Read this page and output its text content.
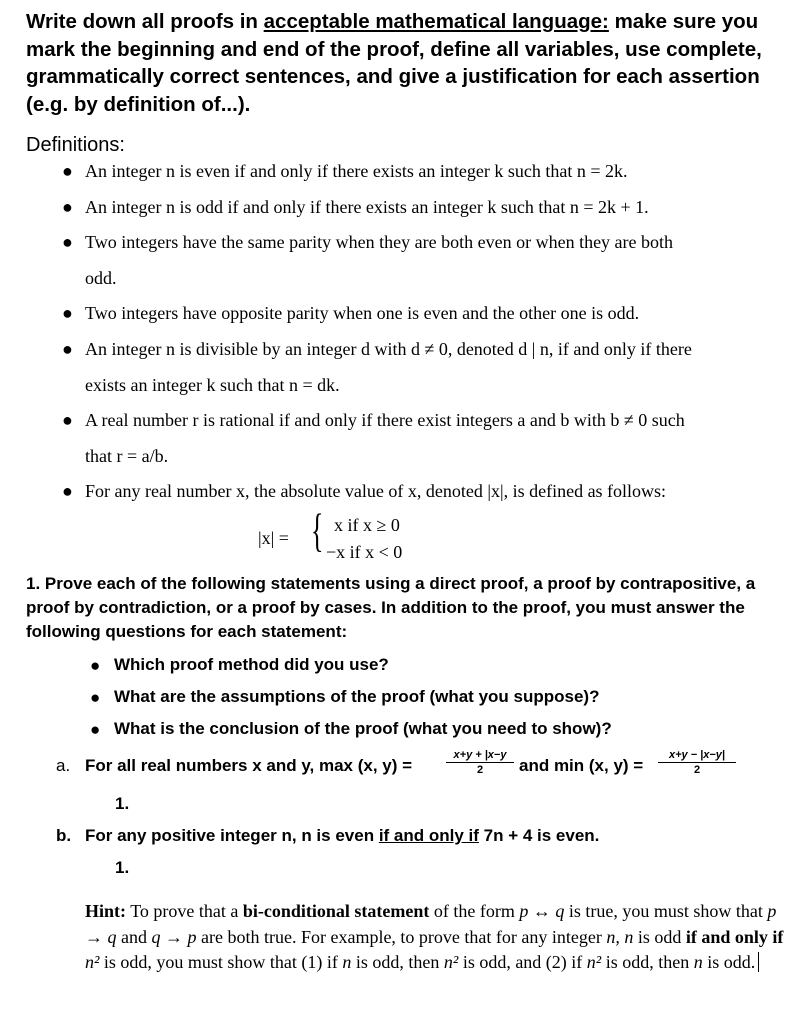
Write down all proofs in acceptable mathematical language: make sure you mark the beginning and end of the proof, define all variables, use complete, grammatically correct sentences, and give a justification for each assertion (e.g. by definition of...).
Definitions:
● An integer n is even if and only if there exists an integer k such that n = 2k.
● An integer n is odd if and only if there exists an integer k such that n = 2k + 1.
● Two integers have the same parity when they are both even or when they are both
odd.
● Two integers have opposite parity when one is even and the other one is odd.
● An integer n is divisible by an integer d with d ≠ 0, denoted d | n, if and only if there
exists an integer k such that n = dk.
● A real number r is rational if and only if there exist integers a and b with b ≠ 0 such
that r = a/b.
● For any real number x, the absolute value of x, denoted |x|, is defined as follows:
|x| = { x if x ≥ 0
−x if x < 0
1. Prove each of the following statements using a direct proof, a proof by contrapositive, a proof by contradiction, or a proof by cases. In addition to the proof, you must answer the following questions for each statement:
● Which proof method did you use?
● What are the assumptions of the proof (what you suppose)?
● What is the conclusion of the proof (what you need to show)?
a. For all real numbers x and y, max (x, y) =	$\frac{x+y + |x-y}{2}$ and min (x, $y) = \frac{x+y - |x-y|}{2}$
1.
b. For any positive integer n, n is even if and only if 7n + 4 is even.
1.
Hint: To prove that a bi-conditional statement of the form p ↔ q is true, you must show that p → q and q → p are both true. For example, to prove that for any integer n, n is odd if and only if n² is odd, you must show that (1) if n is odd, then n² is odd, and (2) if n² is odd, then n is odd.
